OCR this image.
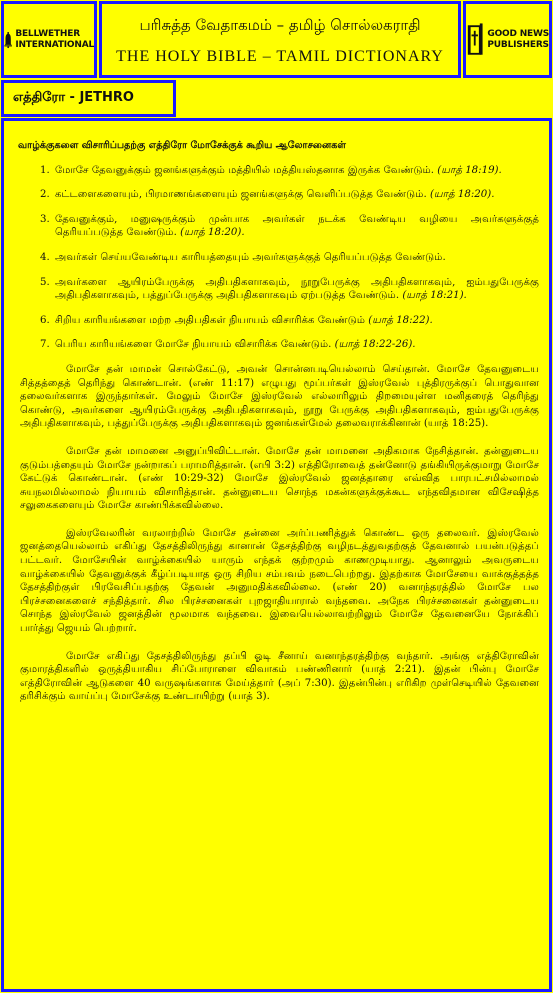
BELLWETHER
INTERNATIONAL
பரிசுத்த வேதாகமம் – தமிழ் சொல்லகராதி
THE HOLY BIBLE – TAMIL DICTIONARY
GOOD NEWS
PUBLISHERS
எத்திரோ - JETHRO
வாழ்க்குகளை விசாரிப்பதற்கு எத்திரோ மோசேக்குக் கூறிய ஆலோசனைகள்
1. மோசே தேவனுக்கும் ஜனங்களுக்கும் மத்தியில் மத்தியஸ்தனாக இருக்க வேண்டும். (யாத் 18:19).
2. கட்டளைகளையும், பிரமாணங்களையும் ஜனங்களுக்கு வெளிப்படுத்த வேண்டும். (யாத் 18:20).
3. தேவனுக்கும், மனுஷருக்கும் முன்பாக அவர்கள் நடக்க வேண்டிய வழியை அவர்களுக்குத் தெரியப்படுத்த வேண்டும். (யாத் 18:20).
4. அவர்கள் செய்யவேண்டிய காரியத்தையும் அவர்களுக்குத் தெரியப்படுத்த வேண்டும்.
5. அவர்களை ஆயிரம்பேருக்கு அதிபதிகளாகவும், நூறுபேருக்கு அதிபதிகளாகவும், ஐம்பதுபேருக்கு அதிபதிகளாகவும், பத்துப்பேருக்கு அதிபதிகளாகவும் ஏற்படுத்த வேண்டும். (யாத் 18:21).
6. சிறிய காரியங்களை மற்ற அதிபதிகள் நியாயம் விசாரிக்க வேண்டும் (யாத் 18:22).
7. பெரிய காரியங்களை மோசே நியாயம் விசாரிக்க வேண்டும். (யாத் 18:22-26).

மோசே தன் மாமன் சொல்கேட்டு, அவன் சொன்னபடியெல்லாம் செய்தான். மோசே தேவனுடைய சித்தத்தைத் தெரிந்து கொண்டான். (எண் 11:17) எழுபது மூப்பர்கள் இஸ்ரவேல் புத்திரருக்குப் பொதுவான தலைவர்களாக இருந்தார்கள். மேலும் மோசே இஸ்ரவேல் எல்லாரிலும் திறமையுள்ள மனிதரைத் தெரிந்து கொண்டு, அவர்களை ஆயிரம்பேருக்கு அதிபதிகளாகவும், நூறு பேருக்கு அதிபதிகளாகவும், ஐம்பதுபேருக்கு அதிபதிகளாகவும், பத்துப்பேருக்கு அதிபதிகளாகவும் ஜனங்கள்மேல் தலைவராக்கினான் (யாத் 18:25).

மோசே தன் மாமனை அனுப்பிவிட்டான். மோசே தன் மாமனை அதிகமாக நேசித்தான். தன்னுடைய குடும்பத்தையும் மோசே நன்றாகப் பராமரித்தான். (எபி 3:2) எத்திரோவைத் தன்னோடு தங்கியிருக்குமாறு மோசே கேட்டுக் கொண்டான். (எண் 10:29-32) மோசே இஸ்ரவேல் ஜனத்தாரை எவ்வித பாரபட்சமில்லாமல் சுயநலமில்லாமல் நியாயம் விசாரித்தான். தன்னுடைய சொந்த மகன்களுக்குக்கூட எந்தவிதமான விசேஷித்த சலுகைகளையும் மோசே காண்பிக்கவில்லை.

இஸ்ரவேலரின் வரலாற்றில் மோசே தன்னை அர்ப்பணித்துக் கொண்ட ஒரு தலைவர். இஸ்ரவேல் ஜனத்தையெல்லாம் எகிப்து தேசத்திலிருந்து கானான் தேசத்திற்கு வழிநடத்துவதற்குத் தேவனால் பயன்படுத்தப் பட்டவர். மோசேயின் வாழ்க்கையில் யாரும் எந்தக் குற்றமும் காணமுடியாது. ஆனாலும் அவருடைய வாழ்க்கையில் தேவனுக்குக் கீழ்ப்படியாத ஒரு சிறிய சம்பவம் நடைபெற்றது. இதற்காக மோசேயை வாக்குத்தத்த தேசத்திற்குள் பிரவேசிப்பதற்கு தேவன் அனுமதிக்கவில்லை. (எண் 20) வனாந்தரத்தில் மோசே பல பிரச்சனைகளைச் சந்தித்தார். சில பிரச்சனைகள் புறஜாதியாரால் வந்தவை. அநேக பிரச்சனைகள் தன்னுடைய சொந்த இஸ்ரவேல் ஜனத்தின் மூலமாக வந்தவை. இவையெல்லாவற்றிலும் மோசே தேவனையே நோக்கிப் பார்த்து ஜெயம் பெற்றார்.

மோசே எகிப்து தேசத்திலிருந்து தப்பி ஓடி சீனாய் வனாந்தரத்திற்கு வந்தார். அங்கு எத்திரோவின் குமாரத்திகளில் ஒருத்தியாகிய சிப்போராளை விவாகம் பண்ணினார் (யாத் 2:21). இதன் பின்பு மோசே எத்திரோவின் ஆடுகளை 40 வருஷங்களாக மேய்த்தார் (அப் 7:30). இதன்பின்பு எரிகிற முள்செடியில் தேவனை தரிசிக்கும் வாய்ப்பு மோசேக்கு உண்டாயிற்று (யாத் 3).
